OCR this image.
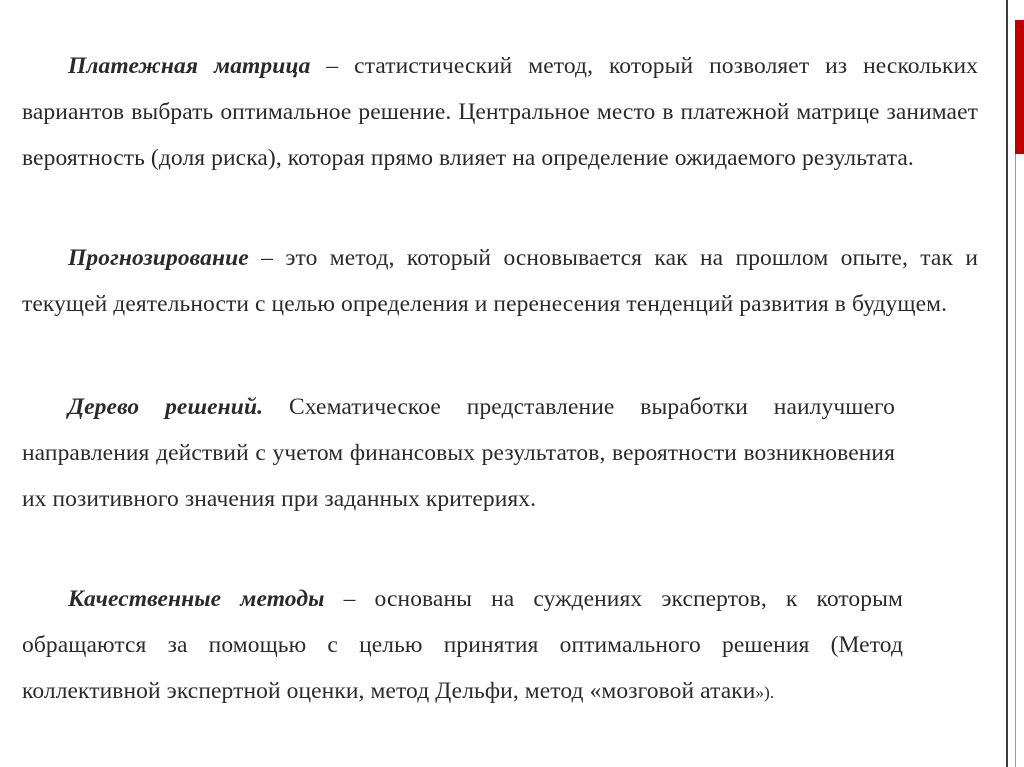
Платежная матрица – статистический метод, который позволяет из нескольких вариантов выбрать оптимальное решение. Центральное место в платежной матрице занимает вероятность (доля риска), которая прямо влияет на определение ожидаемого результата.

Прогнозирование – это метод, который основывается как на прошлом опыте, так и текущей деятельности с целью определения и перенесения тенденций развития в будущем.

Дерево решений. Схематическое представление выработки наилучшего направления действий с учетом финансовых результатов, вероятности возникновения их позитивного значения при заданных критериях.

Качественные методы – основаны на суждениях экспертов, к которым обращаются за помощью с целью принятия оптимального решения (Метод коллективной экспертной оценки, метод Дельфи, метод «мозговой атаки»).
